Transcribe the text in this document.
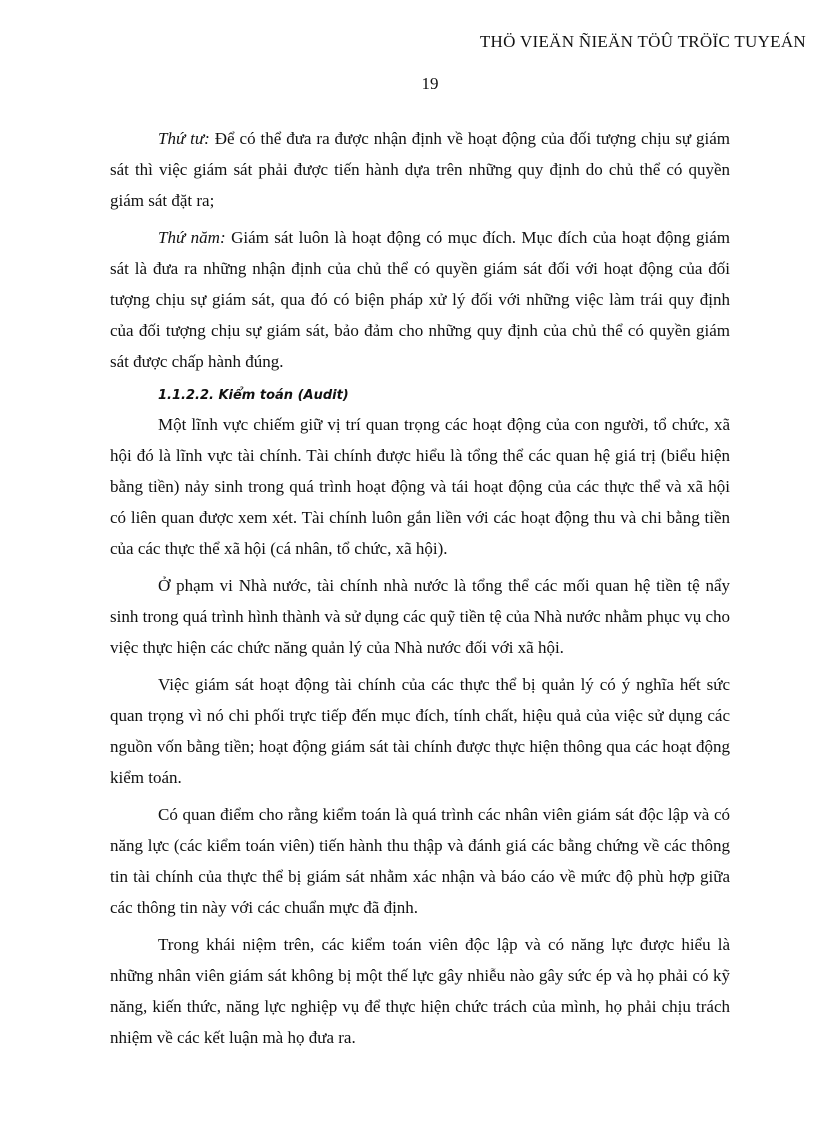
THÖ VIEÄN ÑIEÄN TÖÛ TRÖÏC TUYEÁN
19

Thứ tư: Để có thể đưa ra được nhận định về hoạt động của đối tượng chịu sự giám sát thì việc giám sát phải được tiến hành dựa trên những quy định do chủ thể có quyền giám sát đặt ra;

Thứ năm: Giám sát luôn là hoạt động có mục đích. Mục đích của hoạt động giám sát là đưa ra những nhận định của chủ thể có quyền giám sát đối với hoạt động của đối tượng chịu sự giám sát, qua đó có biện pháp xử lý đối với những việc làm trái quy định của đối tượng chịu sự giám sát, bảo đảm cho những quy định của chủ thể có quyền giám sát được chấp hành đúng.

1.1.2.2. Kiểm toán (Audit)

Một lĩnh vực chiếm giữ vị trí quan trọng các hoạt động của con người, tổ chức, xã hội đó là lĩnh vực tài chính. Tài chính được hiểu là tổng thể các quan hệ giá trị (biểu hiện bằng tiền) nảy sinh trong quá trình hoạt động và tái hoạt động của các thực thể và xã hội có liên quan được xem xét. Tài chính luôn gắn liền với các hoạt động thu và chi bằng tiền của các thực thể xã hội (cá nhân, tổ chức, xã hội).

Ở phạm vi Nhà nước, tài chính nhà nước là tổng thể các mối quan hệ tiền tệ nẩy sinh trong quá trình hình thành và sử dụng các quỹ tiền tệ của Nhà nước nhằm phục vụ cho việc thực hiện các chức năng quản lý của Nhà nước đối với xã hội.

Việc giám sát hoạt động tài chính của các thực thể bị quản lý có ý nghĩa hết sức quan trọng vì nó chi phối trực tiếp đến mục đích, tính chất, hiệu quả của việc sử dụng các nguồn vốn bằng tiền; hoạt động giám sát tài chính được thực hiện thông qua các hoạt động kiểm toán.

Có quan điểm cho rằng kiểm toán là quá trình các nhân viên giám sát độc lập và có năng lực (các kiểm toán viên) tiến hành thu thập và đánh giá các bằng chứng về các thông tin tài chính của thực thể bị giám sát nhằm xác nhận và báo cáo về mức độ phù hợp giữa các thông tin này với các chuẩn mực đã định.

Trong khái niệm trên, các kiểm toán viên độc lập và có năng lực được hiểu là những nhân viên giám sát không bị một thế lực gây nhiễu nào gây sức ép và họ phải có kỹ năng, kiến thức, năng lực nghiệp vụ để thực hiện chức trách của mình, họ phải chịu trách nhiệm về các kết luận mà họ đưa ra.
